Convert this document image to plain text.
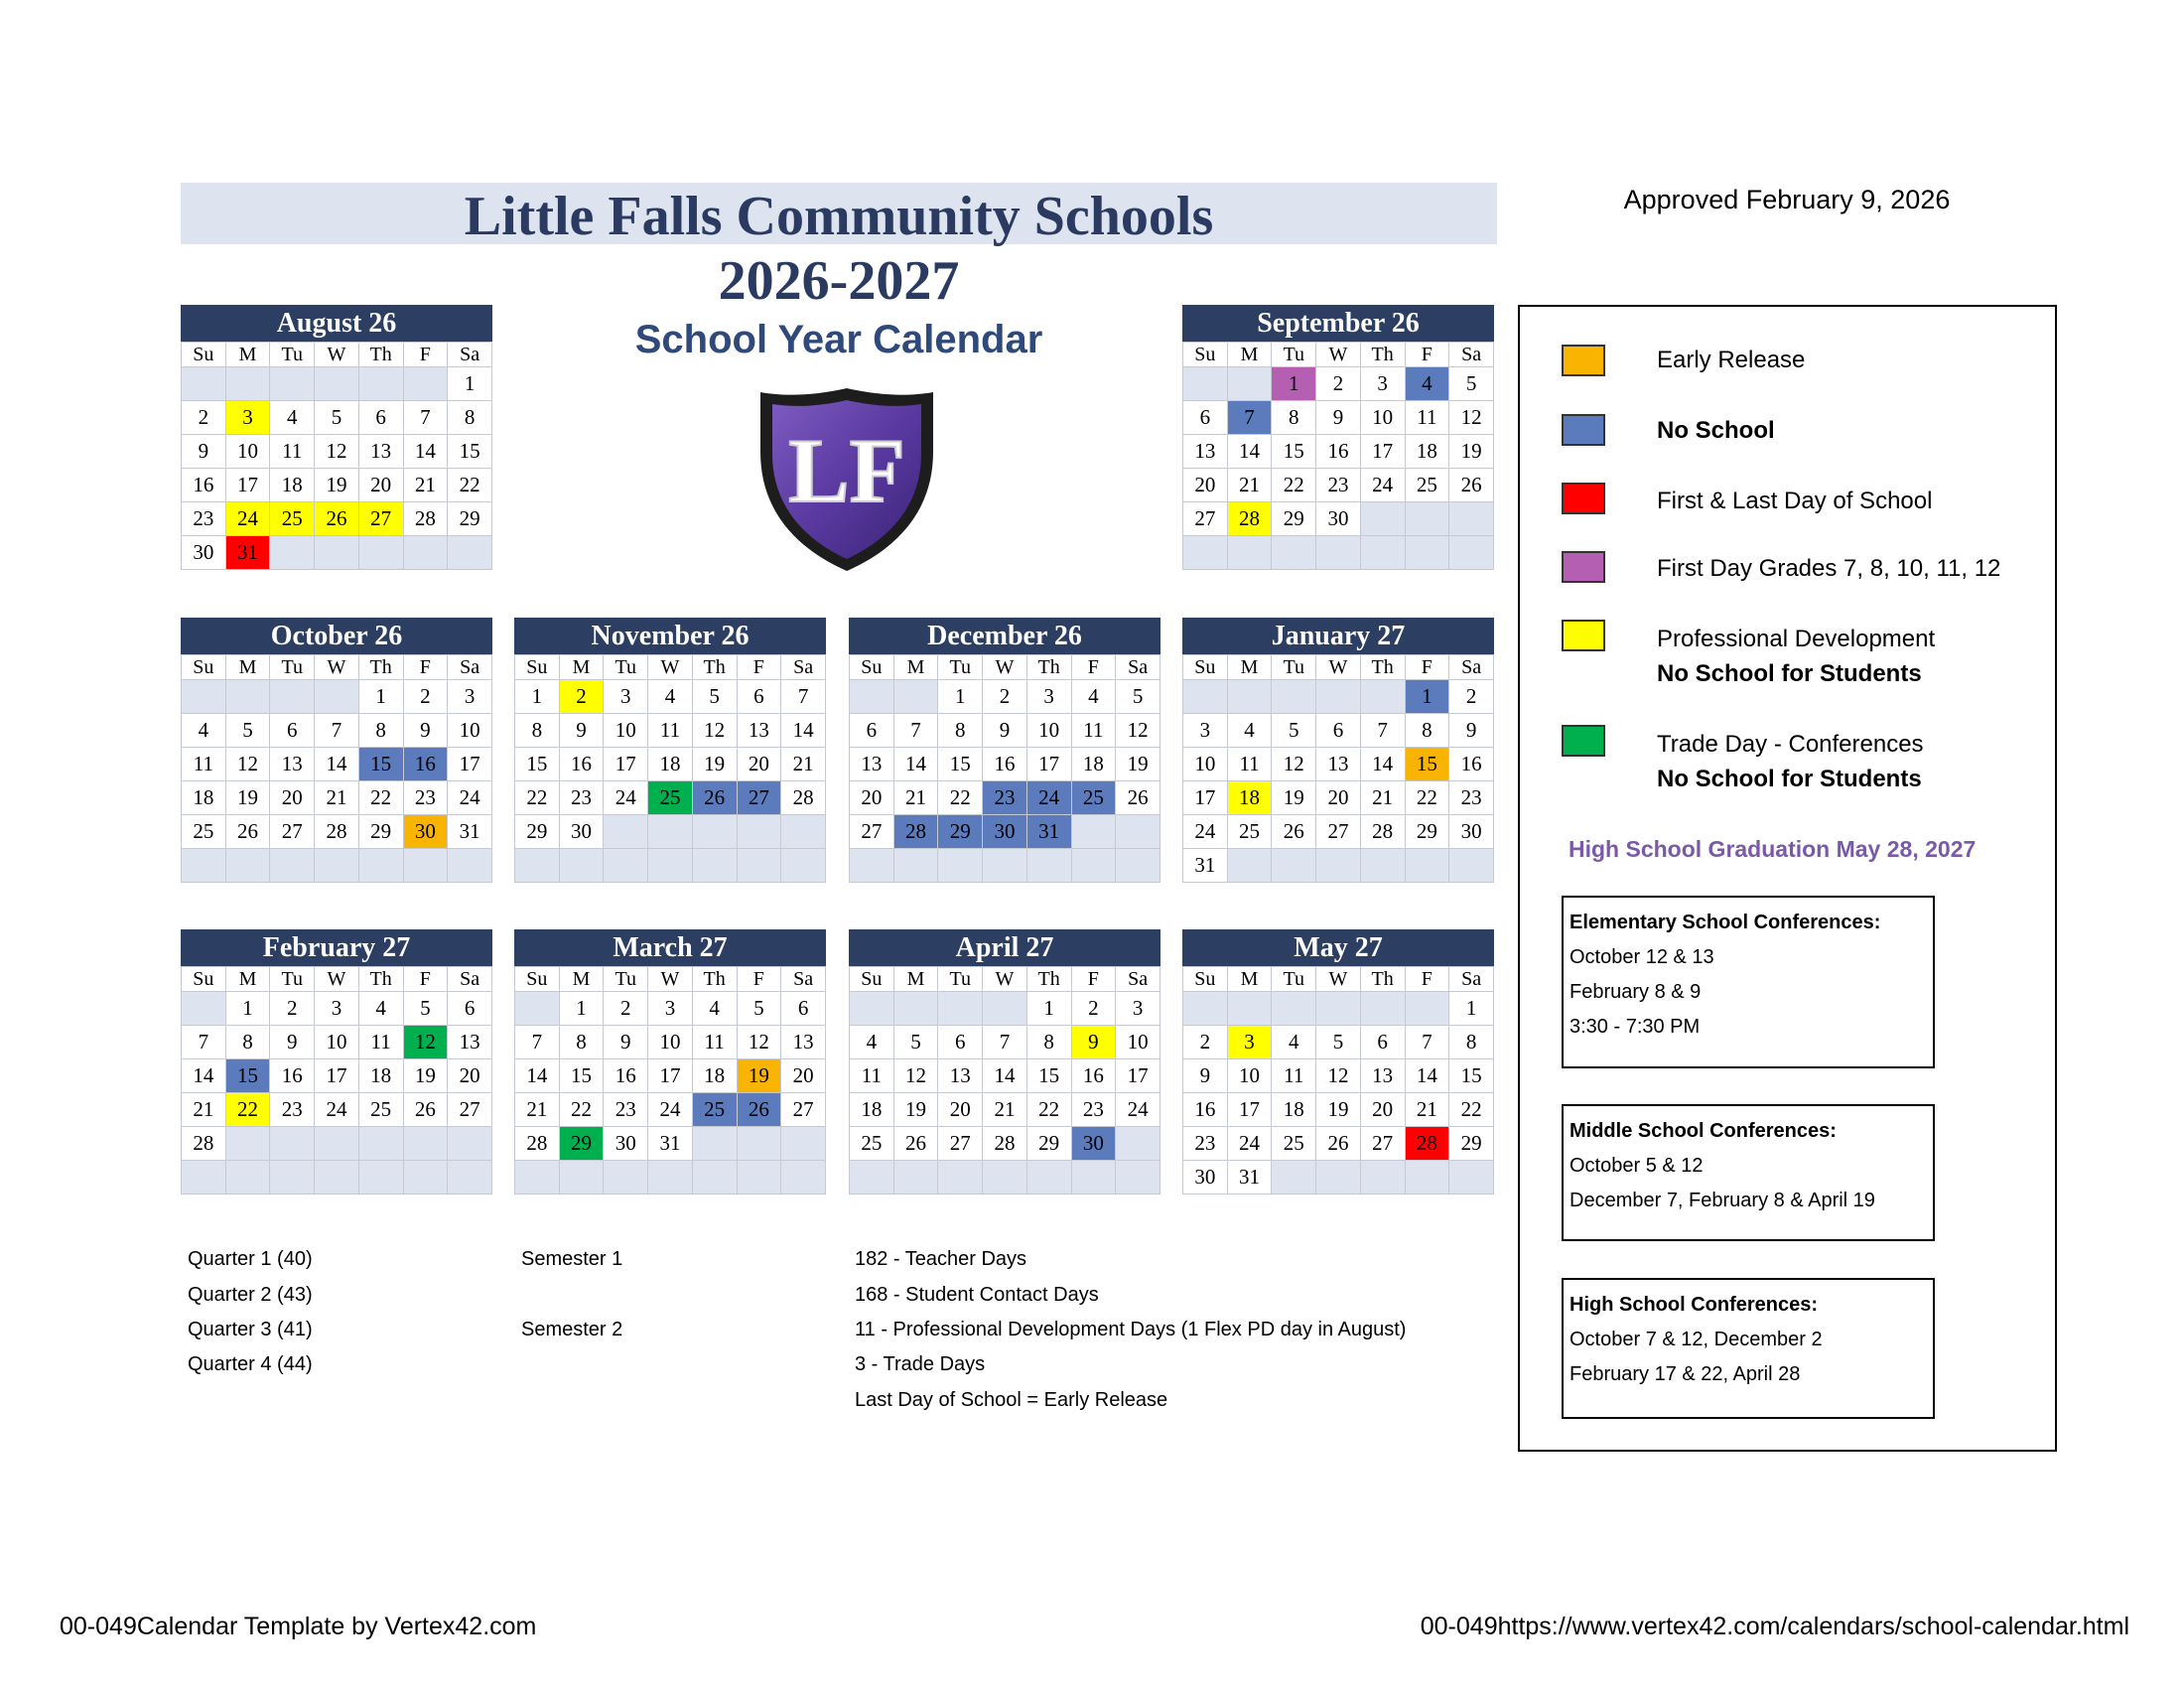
Little Falls Community Schools
2026-2027
School Year Calendar
Approved February 9, 2026
LF
August 26
Su	M	Tu	W	Th	F	Sa
						1
2	3	4	5	6	7	8
9	10	11	12	13	14	15
16	17	18	19	20	21	22
23	24	25	26	27	28	29
30	31					
September 26
Su	M	Tu	W	Th	F	Sa
		1	2	3	4	5
6	7	8	9	10	11	12
13	14	15	16	17	18	19
20	21	22	23	24	25	26
27	28	29	30			

October 26
Su	M	Tu	W	Th	F	Sa
				1	2	3
4	5	6	7	8	9	10
11	12	13	14	15	16	17
18	19	20	21	22	23	24
25	26	27	28	29	30	31

November 26
Su	M	Tu	W	Th	F	Sa
1	2	3	4	5	6	7
8	9	10	11	12	13	14
15	16	17	18	19	20	21
22	23	24	25	26	27	28
29	30					

December 26
Su	M	Tu	W	Th	F	Sa
		1	2	3	4	5
6	7	8	9	10	11	12
13	14	15	16	17	18	19
20	21	22	23	24	25	26
27	28	29	30	31		

January 27
Su	M	Tu	W	Th	F	Sa
					1	2
3	4	5	6	7	8	9
10	11	12	13	14	15	16
17	18	19	20	21	22	23
24	25	26	27	28	29	30
31						
February 27
Su	M	Tu	W	Th	F	Sa
	1	2	3	4	5	6
7	8	9	10	11	12	13
14	15	16	17	18	19	20
21	22	23	24	25	26	27
28						

March 27
Su	M	Tu	W	Th	F	Sa
	1	2	3	4	5	6
7	8	9	10	11	12	13
14	15	16	17	18	19	20
21	22	23	24	25	26	27
28	29	30	31			

April 27
Su	M	Tu	W	Th	F	Sa
				1	2	3
4	5	6	7	8	9	10
11	12	13	14	15	16	17
18	19	20	21	22	23	24
25	26	27	28	29	30	

May 27
Su	M	Tu	W	Th	F	Sa
						1
2	3	4	5	6	7	8
9	10	11	12	13	14	15
16	17	18	19	20	21	22
23	24	25	26	27	28	29
30	31					
Early Release
No School
First & Last Day of School
First Day Grades 7, 8, 10, 11, 12
Professional Development
No School for Students
Trade Day - Conferences
No School for Students
High School Graduation May 28, 2027
Elementary School Conferences:
October 12 & 13
February 8 & 9
3:30 - 7:30 PM
Middle School Conferences:
October 5 & 12
December 7, February 8 & April 19
High School Conferences:
October 7 & 12, December 2
February 17 & 22, April 28
Quarter 1 (40)
Quarter 2 (43)
Quarter 3 (41)
Quarter 4 (44)
Semester 1
Semester 2
182 - Teacher Days
168 - Student Contact Days
11 - Professional Development Days (1 Flex PD day in August)
3 - Trade Days
Last Day of School = Early Release
00-049Calendar Template by Vertex42.com	00-049https://www.vertex42.com/calendars/school-calendar.html
